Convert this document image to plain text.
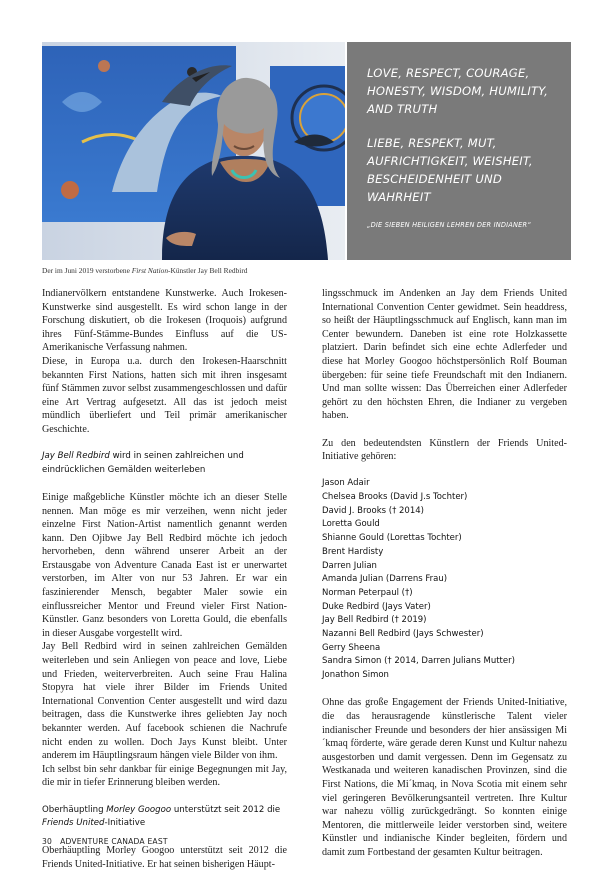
LOVE, RESPECT, COURAGE,

HONESTY, WISDOM, HUMILITY,

AND TRUTH

LIEBE, RESPEKT, MUT,

AUFRICHTIGKEIT, WEISHEIT,

BESCHEIDENHEIT UND

WAHRHEIT

„DIE SIEBEN HEILIGEN LEHREN DER INDIANER“
Der im Juni 2019 verstorbene First Nation-Künstler Jay Bell Redbird

Indianervölkern entstandene Kunstwerke. Auch Irokesen-Kunstwerke sind ausgestellt. Es wird schon lange in der Forschung diskutiert, ob die Irokesen (Iroquois) aufgrund ihres Fünf-Stämme-Bundes Einfluss auf die US-Amerikanische Verfassung nahmen.

Diese, in Europa u.a. durch den Irokesen-Haarschnitt bekannten First Nations, hatten sich mit ihren insgesamt fünf Stämmen zuvor selbst zusammengeschlossen und dafür eine Art Vertrag aufgesetzt. All das ist jedoch meist mündlich überliefert und Teil primär amerikanischer Geschichte.

Jay Bell Redbird wird in seinen zahlreichen und eindrücklichen Gemälden weiterleben

Einige maßgebliche Künstler möchte ich an dieser Stelle nennen. Man möge es mir verzeihen, wenn nicht jeder einzelne First Nation-Artist namentlich genannt werden kann. Den Ojibwe Jay Bell Redbird möchte ich jedoch hervorheben, denn während unserer Arbeit an der Erstausgabe von Adventure Canada East ist er unerwartet verstorben, im Alter von nur 53 Jahren. Er war ein faszinierender Mensch, begabter Maler sowie ein einflussreicher Mentor und Freund vieler First Nation-Künstler. Ganz besonders von Loretta Gould, die ebenfalls in dieser Ausgabe vorgestellt wird.

Jay Bell Redbird wird in seinen zahlreichen Gemälden weiterleben und sein Anliegen von peace and love, Liebe und Frieden, weiterverbreiten. Auch seine Frau Halina Stopyra hat viele ihrer Bilder im Friends United International Convention Center ausgestellt und wird dazu beitragen, dass die Kunstwerke ihres geliebten Jay noch bekannter werden. Auf facebook schienen die Nachrufe nicht enden zu wollen. Doch Jays Kunst bleibt. Unter anderem im Häuptlingsraum hängen viele Bilder von ihm.

Ich selbst bin sehr dankbar für einige Begegnungen mit Jay, die mir in tiefer Erinnerung bleiben werden.

Oberhäuptling Morley Googoo unterstützt seit 2012 die Friends United-Initiative

Oberhäuptling Morley Googoo unterstützt seit 2012 die Friends United-Initiative. Er hat seinen bisherigen Häupt-

lingsschmuck im Andenken an Jay dem Friends United International Convention Center gewidmet. Sein headdress, so heißt der Häuptlingsschmuck auf Englisch, kann man im Center bewundern. Daneben ist eine rote Holzkassette platziert. Darin befindet sich eine echte Adlerfeder und diese hat Morley Googoo höchstpersönlich Rolf Bouman übergeben: für seine tiefe Freundschaft mit den Indianern. Und man sollte wissen: Das Überreichen einer Adlerfeder gehört zu den höchsten Ehren, die Indianer zu vergeben haben.

Zu den bedeutendsten Künstlern der Friends United-Initiative gehören:

Jason Adair
Chelsea Brooks (David J.s Tochter)
David J. Brooks († 2014)
Loretta Gould
Shianne Gould (Lorettas Tochter)
Brent Hardisty
Darren Julian
Amanda Julian (Darrens Frau)
Norman Peterpaul (†)
Duke Redbird (Jays Vater)
Jay Bell Redbird († 2019)
Nazanni Bell Redbird (Jays Schwester)
Gerry Sheena
Sandra Simon († 2014, Darren Julians Mutter)
Jonathon Simon

Ohne das große Engagement der Friends United-Initiative, die das herausragende künstlerische Talent vieler indianischer Freunde und besonders der hier ansässigen Mi´kmaq förderte, wäre gerade deren Kunst und Kultur nahezu ausgestorben und damit vergessen. Denn im Gegensatz zu Westkanada und weiteren kanadischen Provinzen, sind die First Nations, die Mi´kmaq, in Nova Scotia mit einem sehr viel geringeren Bevölkerungsanteil vertreten. Ihre Kultur war nahezu völlig zurückgedrängt. So konnten einige Mentoren, die mittlerweile leider verstorben sind, weitere Künstler und indianische Kinder begleiten, fördern und damit zum Fortbestand der gesamten Kultur beitragen.

30 ADVENTURE CANADA EAST
